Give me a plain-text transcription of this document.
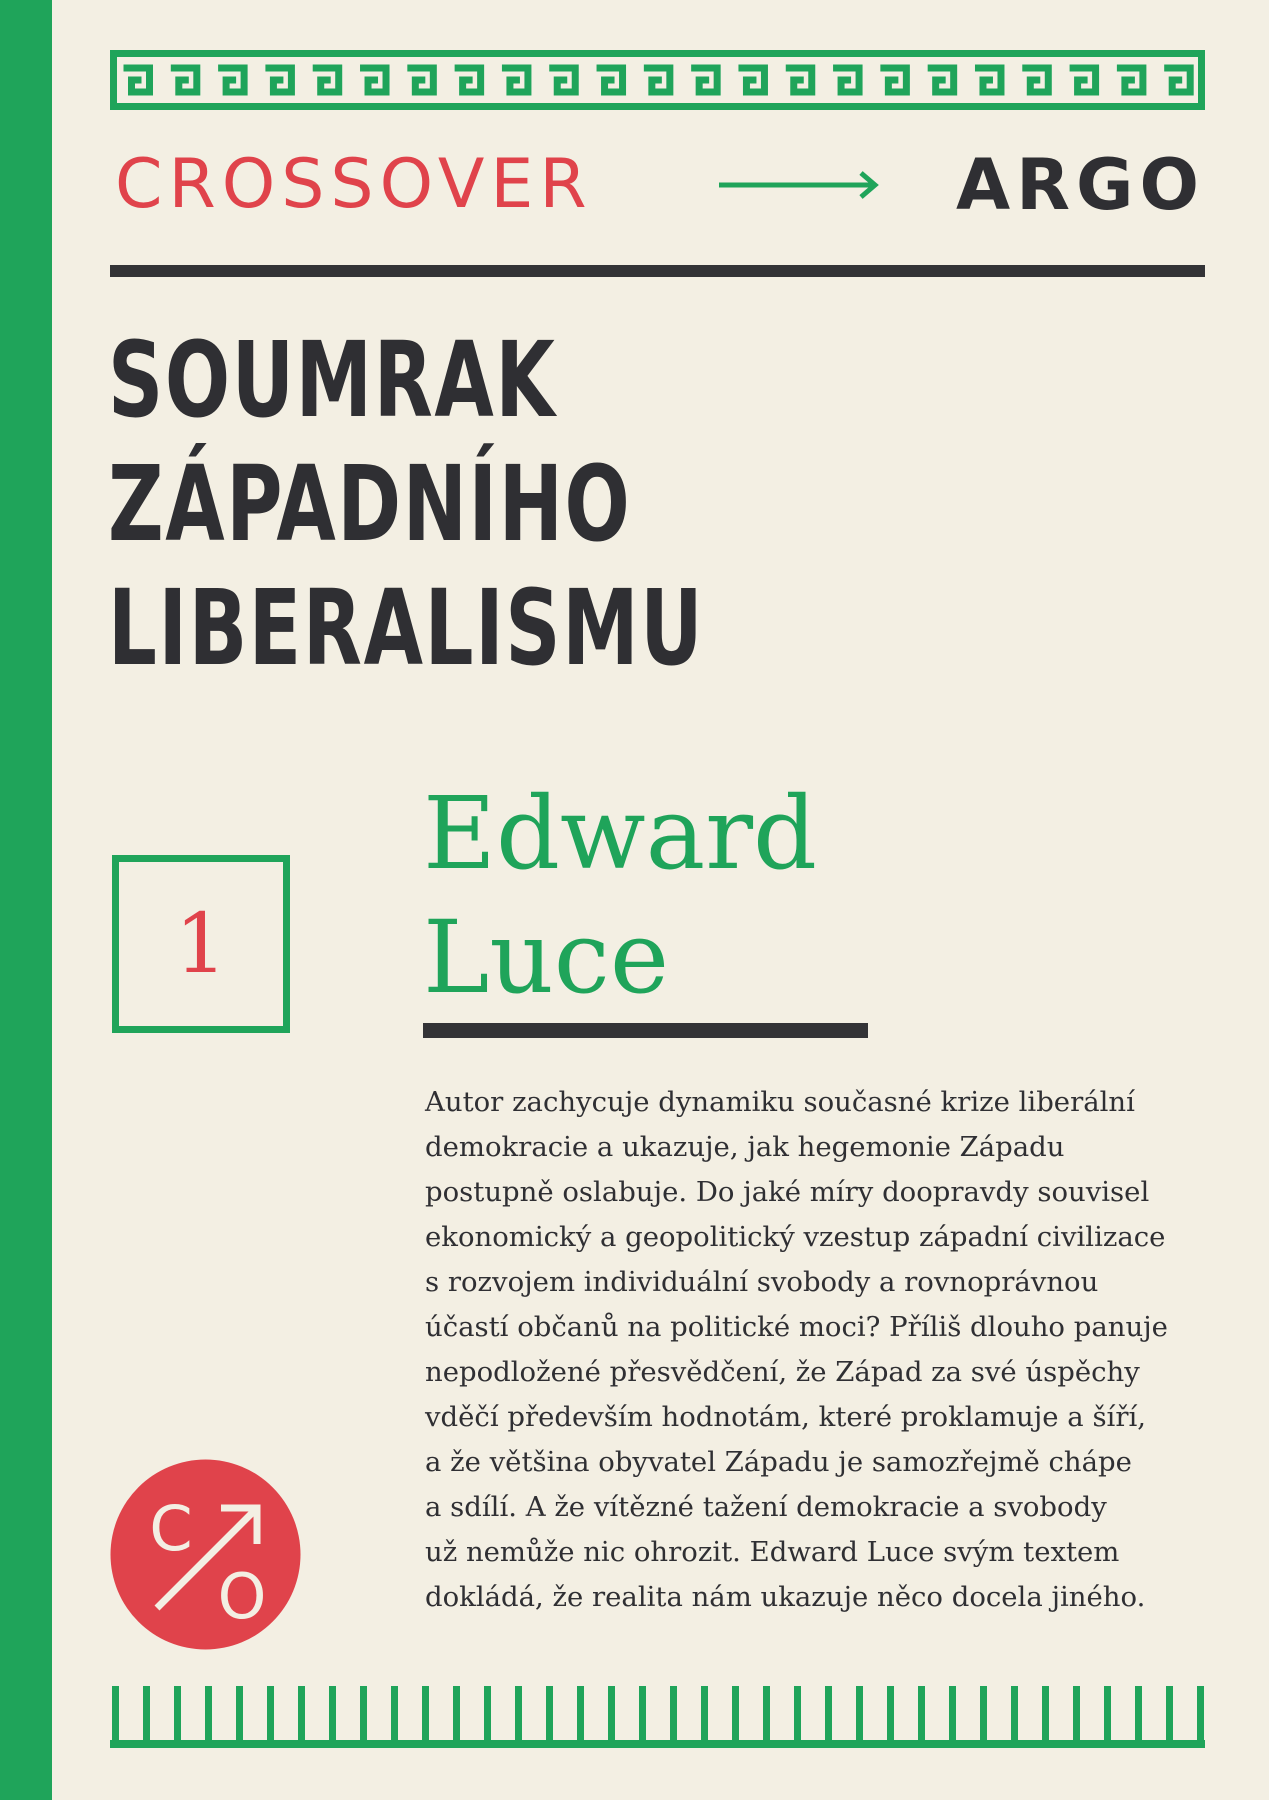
CROSSOVER	ARGO
SOUMRAK
ZÁPADNÍHO
LIBERALISMU
1
Edward
Luce

Autor zachycuje dynamiku současné krize liberální
demokracie a ukazuje, jak hegemonie Západu
postupně oslabuje. Do jaké míry doopravdy souvisel
ekonomický a geopolitický vzestup západní civilizace
s rozvojem individuální svobody a rovnoprávnou
účastí občanů na politické moci? Příliš dlouho panuje
nepodložené přesvědčení, že Západ za své úspěchy
vděčí především hodnotám, které proklamuje a šíří,
a že většina obyvatel Západu je samozřejmě chápe
a sdílí. A že vítězné tažení demokracie a svobody
už nemůže nic ohrozit. Edward Luce svým textem
dokládá, že realita nám ukazuje něco docela jiného.

C
O
